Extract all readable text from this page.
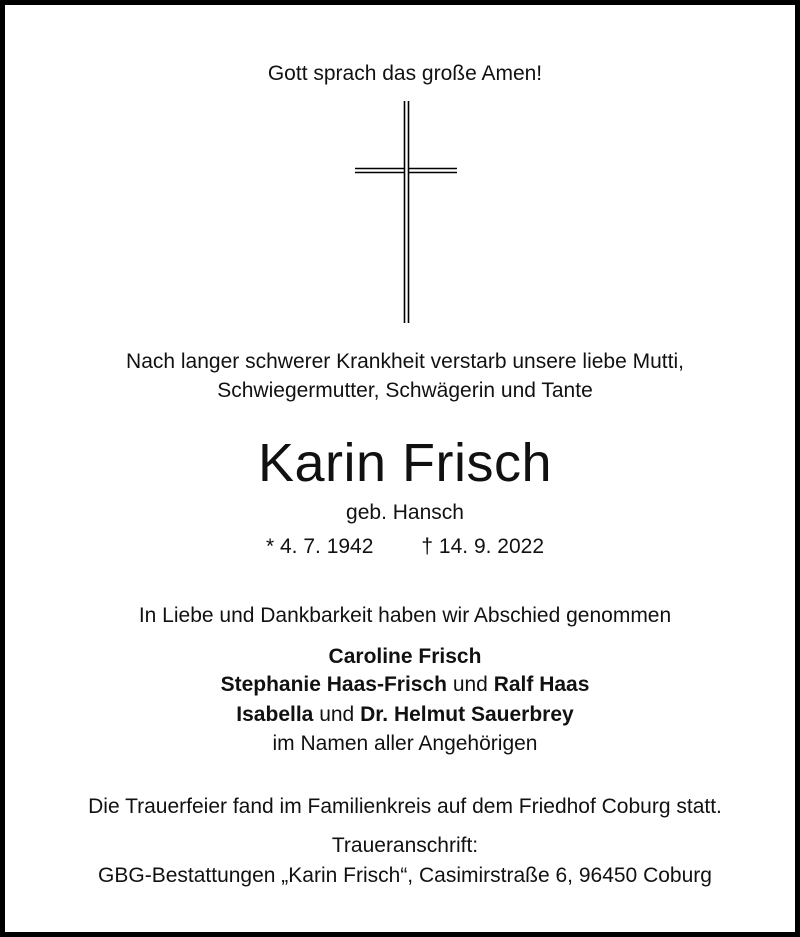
Gott sprach das große Amen!
Nach langer schwerer Krankheit verstarb unsere liebe Mutti,
Schwiegermutter, Schwägerin und Tante
Karin Frisch
geb. Hansch
* 4. 7. 1942 † 14. 9. 2022
In Liebe und Dankbarkeit haben wir Abschied genommen
Caroline Frisch
Stephanie Haas-Frisch und Ralf Haas
Isabella und Dr. Helmut Sauerbrey
im Namen aller Angehörigen
Die Trauerfeier fand im Familienkreis auf dem Friedhof Coburg statt.
Traueranschrift:
GBG-Bestattungen „Karin Frisch“, Casimirstraße 6, 96450 Coburg
